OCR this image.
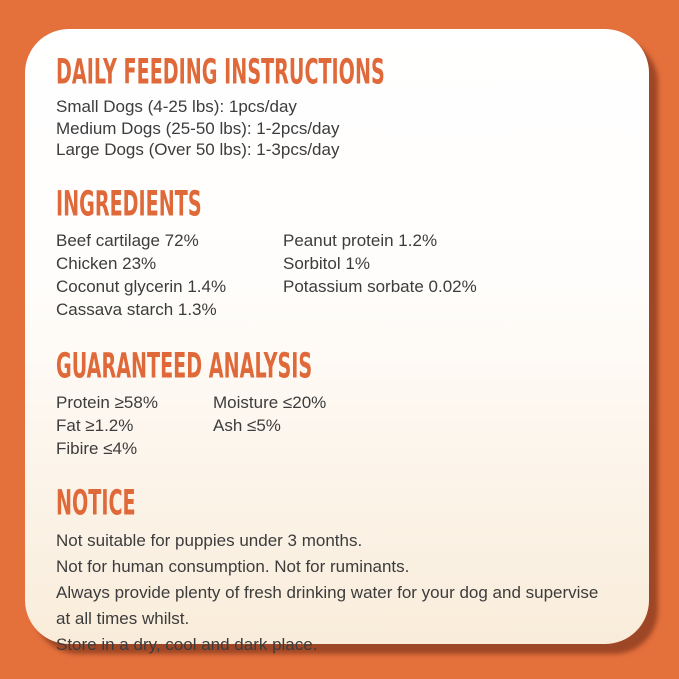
DAILY FEEDING INSTRUCTIONS
Small Dogs (4-25 lbs): 1pcs/day
Medium Dogs (25-50 lbs): 1-2pcs/day
Large Dogs (Over 50 lbs): 1-3pcs/day
INGREDIENTS
Beef cartilage 72%
Chicken 23%
Coconut glycerin 1.4%
Cassava starch 1.3%
Peanut protein 1.2%
Sorbitol 1%
Potassium sorbate 0.02%
GUARANTEED ANALYSIS
Protein ≥58%
Fat ≥1.2%
Fibire ≤4%
Moisture ≤20%
Ash ≤5%
NOTICE
Not suitable for puppies under 3 months.
Not for human consumption. Not for ruminants.
Always provide plenty of fresh drinking water for your dog and supervise
at all times whilst.
Store in a dry, cool and dark place.
